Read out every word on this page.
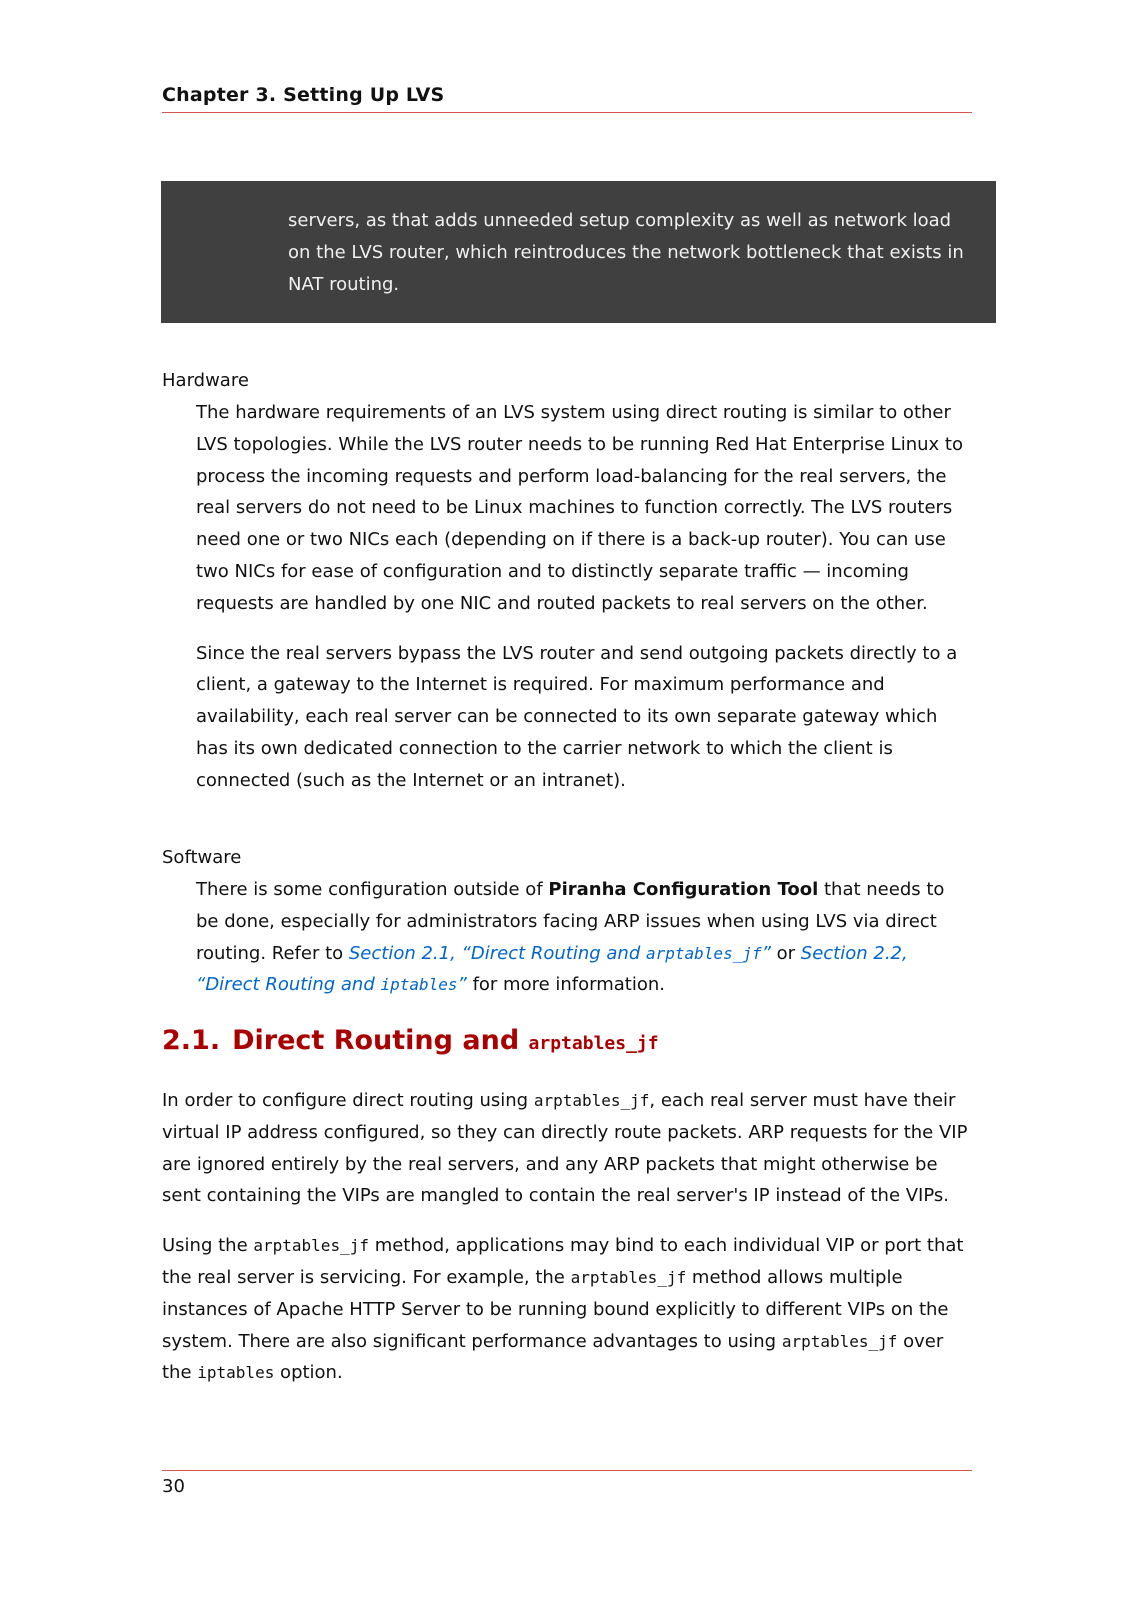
Chapter 3. Setting Up LVS

servers, as that adds unneeded setup complexity as well as network load on the LVS router, which reintroduces the network bottleneck that exists in NAT routing.

Hardware

The hardware requirements of an LVS system using direct routing is similar to other LVS topologies. While the LVS router needs to be running Red Hat Enterprise Linux to process the incoming requests and perform load-balancing for the real servers, the real servers do not need to be Linux machines to function correctly. The LVS routers need one or two NICs each (depending on if there is a back-up router). You can use two NICs for ease of configuration and to distinctly separate traffic — incoming requests are handled by one NIC and routed packets to real servers on the other.

Since the real servers bypass the LVS router and send outgoing packets directly to a client, a gateway to the Internet is required. For maximum performance and availability, each real server can be connected to its own separate gateway which has its own dedicated connection to the carrier network to which the client is connected (such as the Internet or an intranet).

Software

There is some configuration outside of Piranha Configuration Tool that needs to be done, especially for administrators facing ARP issues when using LVS via direct routing. Refer to Section 2.1, “Direct Routing and arptables_jf” or Section 2.2, “Direct Routing and iptables” for more information.

2.1. Direct Routing and arptables_jf

In order to configure direct routing using arptables_jf, each real server must have their virtual IP address configured, so they can directly route packets. ARP requests for the VIP are ignored entirely by the real servers, and any ARP packets that might otherwise be sent containing the VIPs are mangled to contain the real server's IP instead of the VIPs.

Using the arptables_jf method, applications may bind to each individual VIP or port that the real server is servicing. For example, the arptables_jf method allows multiple instances of Apache HTTP Server to be running bound explicitly to different VIPs on the system. There are also significant performance advantages to using arptables_jf over the iptables option.

30
